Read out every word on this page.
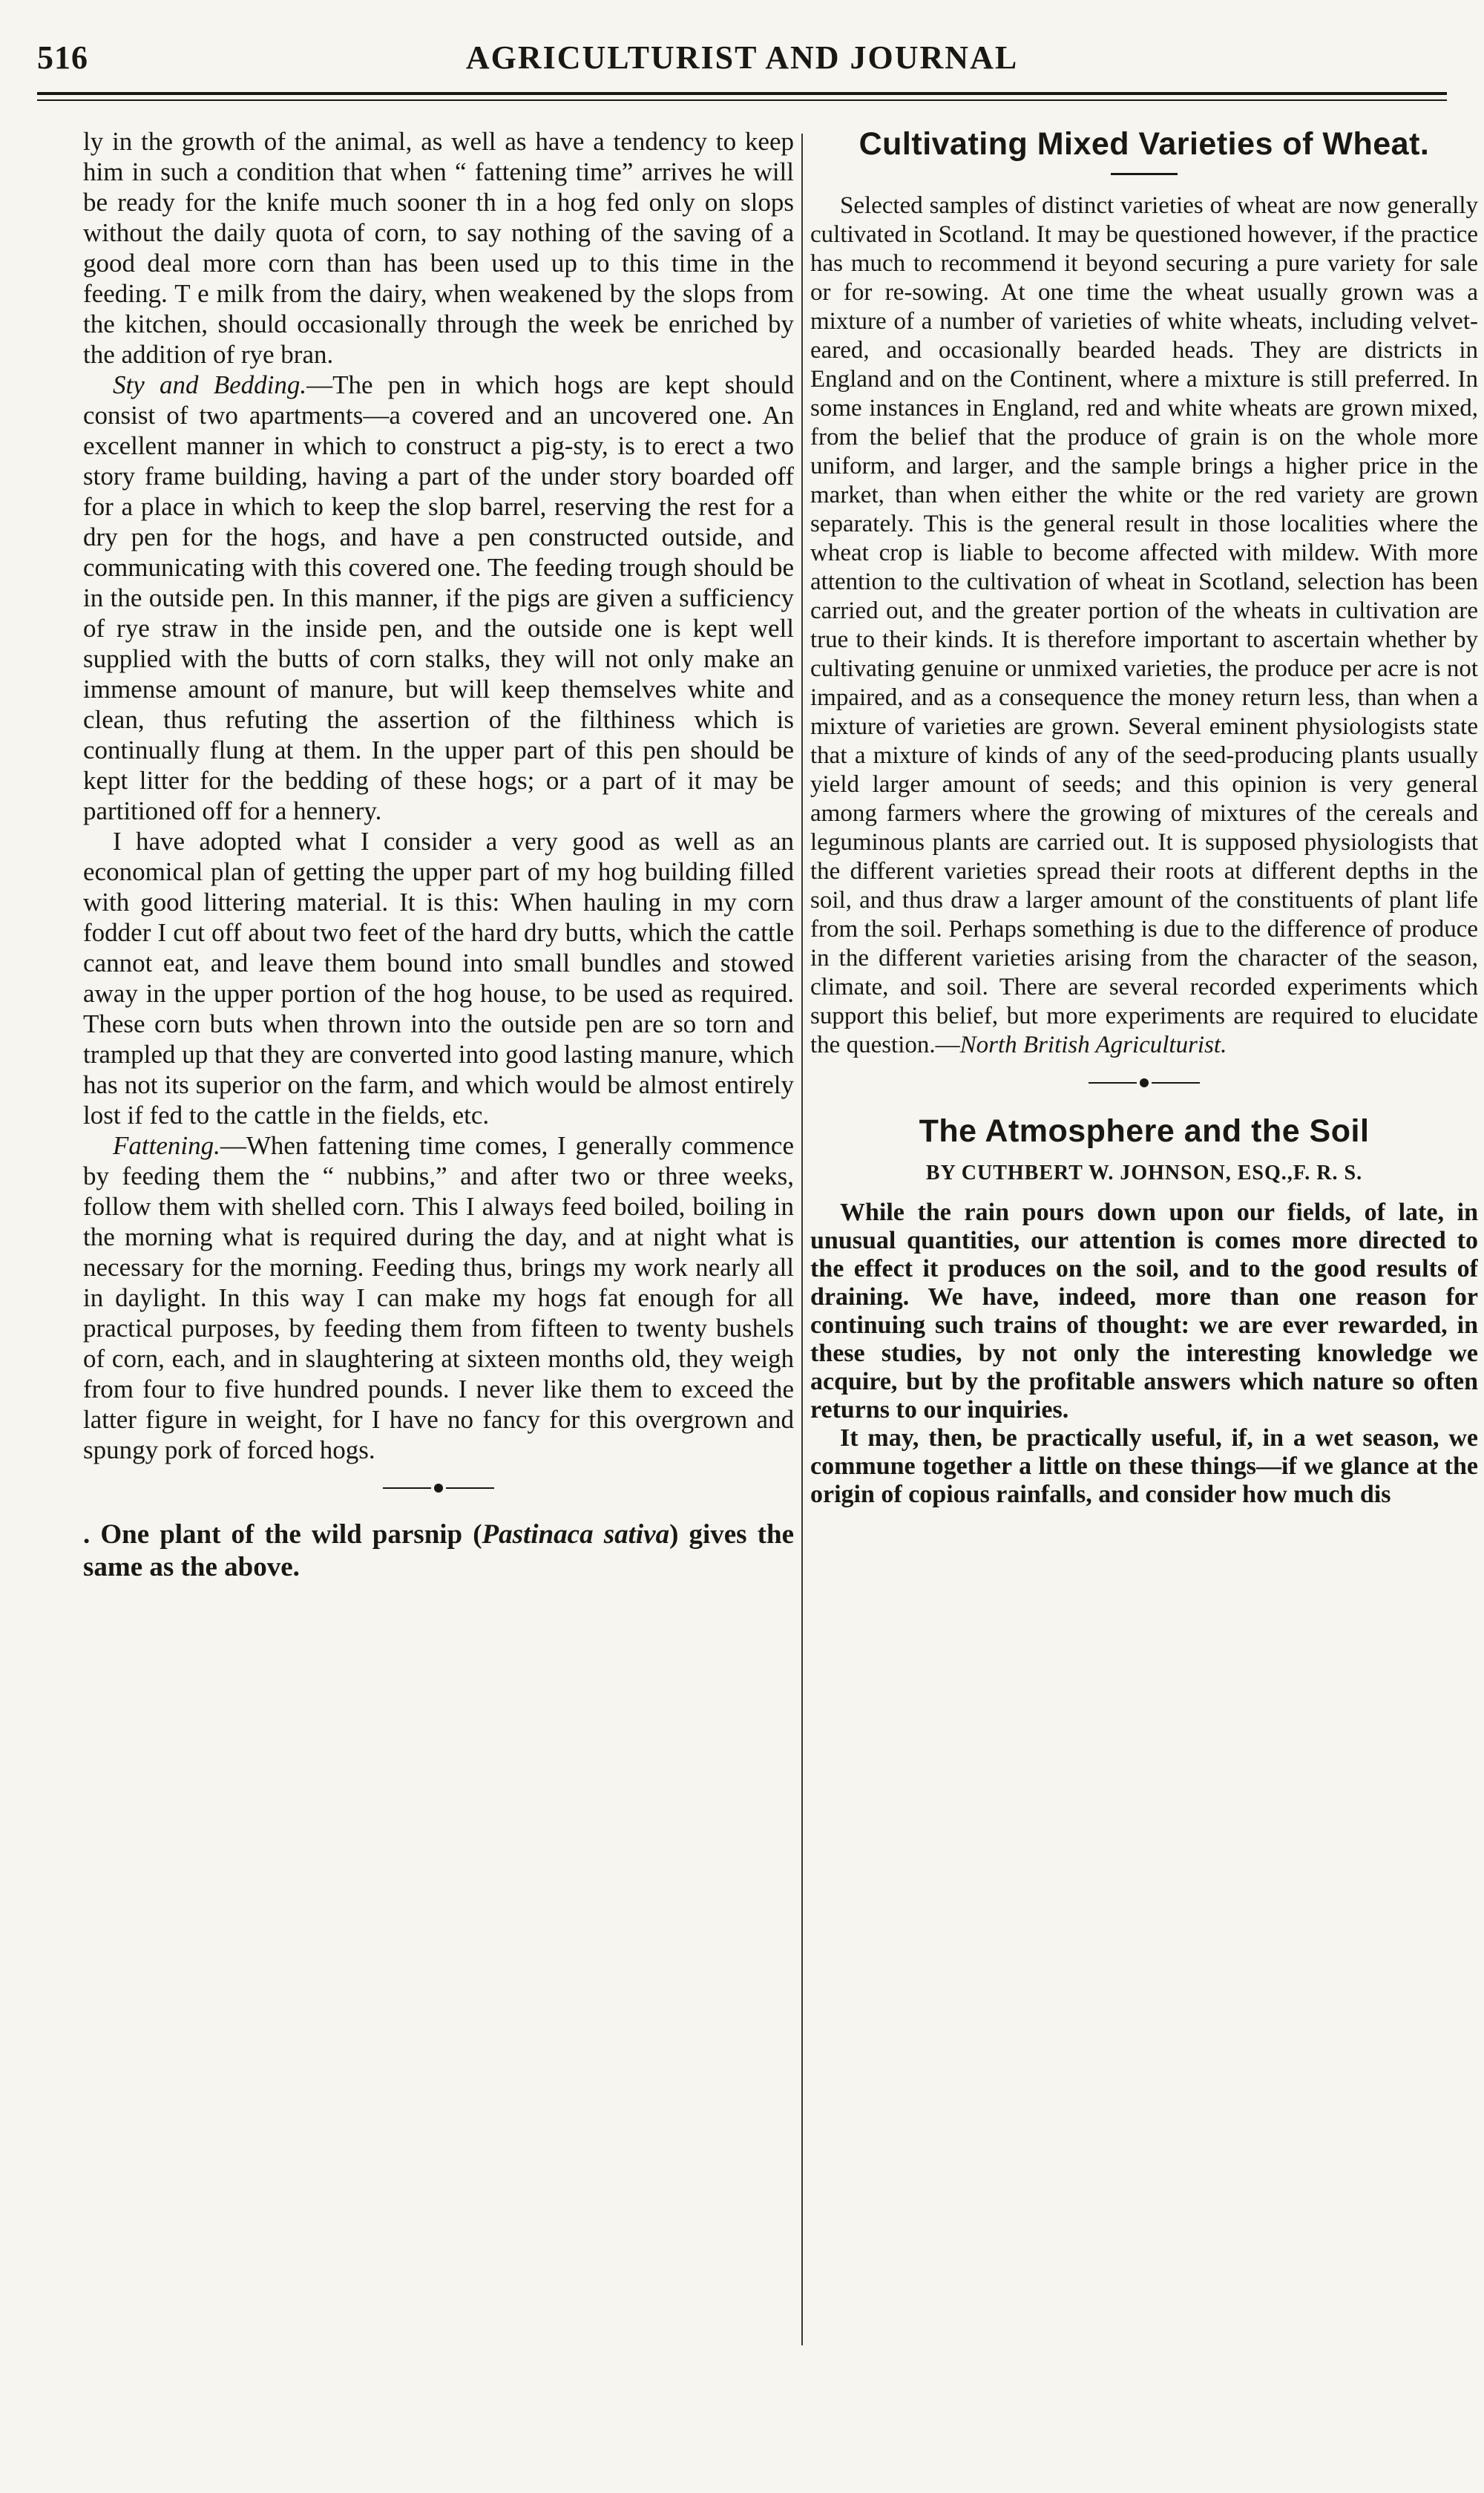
516	AGRICULTURIST AND JOURNAL

ly in the growth of the animal, as well as have a tendency to keep him in such a condition that when “ fattening time” arrives he will be ready for the knife much sooner th in a hog fed only on slops without the daily quota of corn, to say nothing of the saving of a good deal more corn than has been used up to this time in the feeding. T e milk from the dairy, when weakened by the slops from the kitchen, should occasionally through the week be enriched by the addition of rye bran.

Sty and Bedding.—The pen in which hogs are kept should consist of two apartments—a covered and an uncovered one. An excellent manner in which to construct a pig-sty, is to erect a two story frame building, having a part of the under story boarded off for a place in which to keep the slop barrel, reserving the rest for a dry pen for the hogs, and have a pen constructed outside, and communicating with this covered one. The feeding trough should be in the outside pen. In this manner, if the pigs are given a sufficiency of rye straw in the inside pen, and the outside one is kept well supplied with the butts of corn stalks, they will not only make an immense amount of manure, but will keep themselves white and clean, thus refuting the assertion of the filthiness which is continually flung at them. In the upper part of this pen should be kept litter for the bedding of these hogs; or a part of it may be partitioned off for a hennery.

I have adopted what I consider a very good as well as an economical plan of getting the upper part of my hog building filled with good littering material. It is this: When hauling in my corn fodder I cut off about two feet of the hard dry butts, which the cattle cannot eat, and leave them bound into small bundles and stowed away in the upper portion of the hog house, to be used as required. These corn buts when thrown into the outside pen are so torn and trampled up that they are converted into good lasting manure, which has not its superior on the farm, and which would be almost entirely lost if fed to the cattle in the fields, etc.

Fattening.—When fattening time comes, I generally commence by feeding them the “ nubbins,” and after two or three weeks, follow them with shelled corn. This I always feed boiled, boiling in the morning what is required during the day, and at night what is necessary for the morning. Feeding thus, brings my work nearly all in daylight. In this way I can make my hogs fat enough for all practical purposes, by feeding them from fifteen to twenty bushels of corn, each, and in slaughtering at sixteen months old, they weigh from four to five hundred pounds. I never like them to exceed the latter figure in weight, for I have no fancy for this overgrown and spungy pork of forced hogs.

. One plant of the wild parsnip (Pastinaca sativa) gives the same as the above.

Cultivating Mixed Varieties of Wheat.

Selected samples of distinct varieties of wheat are now generally cultivated in Scotland. It may be questioned however, if the practice has much to recommend it beyond securing a pure variety for sale or for re-sowing. At one time the wheat usually grown was a mixture of a number of varieties of white wheats, including velvet-eared, and occasionally bearded heads. They are districts in England and on the Continent, where a mixture is still preferred. In some instances in England, red and white wheats are grown mixed, from the belief that the produce of grain is on the whole more uniform, and larger, and the sample brings a higher price in the market, than when either the white or the red variety are grown separately. This is the general result in those localities where the wheat crop is liable to become affected with mildew. With more attention to the cultivation of wheat in Scotland, selection has been carried out, and the greater portion of the wheats in cultivation are true to their kinds. It is therefore important to ascertain whether by cultivating genuine or unmixed varieties, the produce per acre is not impaired, and as a consequence the money return less, than when a mixture of varieties are grown. Several eminent physiologists state that a mixture of kinds of any of the seed-producing plants usually yield larger amount of seeds; and this opinion is very general among farmers where the growing of mixtures of the cereals and leguminous plants are carried out. It is supposed physiologists that the different varieties spread their roots at different depths in the soil, and thus draw a larger amount of the constituents of plant life from the soil. Perhaps something is due to the difference of produce in the different varieties arising from the character of the season, climate, and soil. There are several recorded experiments which support this belief, but more experiments are required to elucidate the question.—North British Agriculturist.

The Atmosphere and the Soil
BY CUTHBERT W. JOHNSON, ESQ.,F. R. S.

While the rain pours down upon our fields, of late, in unusual quantities, our attention is comes more directed to the effect it produces on the soil, and to the good results of draining. We have, indeed, more than one reason for continuing such trains of thought: we are ever rewarded, in these studies, by not only the interesting knowledge we acquire, but by the profitable answers which nature so often returns to our inquiries.

It may, then, be practically useful, if, in a wet season, we commune together a little on these things—if we glance at the origin of copious rainfalls, and consider how much dis
